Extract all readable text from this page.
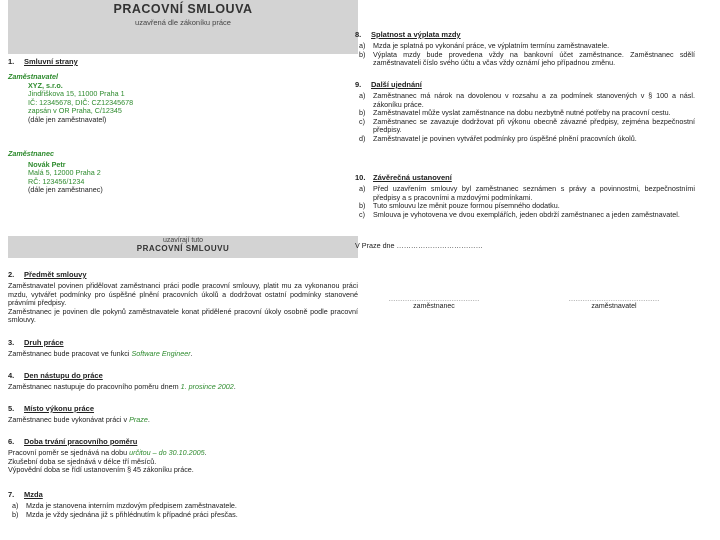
PRACOVNÍ SMLOUVA
uzavřená dle zákoníku práce

1. Smluvní strany

Zaměstnavatel

XYZ, s.r.o.

Jindřiškova 15, 11000 Praha 1

IČ: 12345678, DIČ: CZ12345678

zapsán v OR Praha, C/12345

(dále jen zaměstnavatel)

Zaměstnanec

Novák Petr

Malá 5, 12000 Praha 2

RČ: 123456/1234

(dále jen zaměstnanec)

uzavírají tuto
PRACOVNÍ SMLOUVU

2. Předmět smlouvy

Zaměstnavatel povinen přidělovat zaměstnanci práci podle pracovní smlouvy, platit mu za vykonanou práci mzdu, vytvářet podmínky pro úspěšné plnění pracovních úkolů a dodržovat ostatní podmínky stanovené právními předpisy.

Zaměstnanec je povinen dle pokynů zaměstnavatele konat přidělené pracovní úkoly osobně podle pracovní smlouvy.

3. Druh práce

Zaměstnanec bude pracovat ve funkci Software Engineer.

4. Den nástupu do práce

Zaměstnanec nastupuje do pracovního poměru dnem 1. prosince 2002.

5. Místo výkonu práce

Zaměstnanec bude vykonávat práci v Praze.

6. Doba trvání pracovního poměru

Pracovní poměr se sjednává na dobu určitou – do 30.10.2005.

Zkušební doba se sjednává v délce tří měsíců.

Výpovědní doba se řídí ustanovením § 45 zákoníku práce.

7. Mzda

a)	Mzda je stanovena interním mzdovým předpisem zaměstnavatele.
b)	Mzda je vždy sjednána již s přihlédnutím k případné práci přesčas.

8. Splatnost a výplata mzdy

a)	Mzda je splatná po vykonání práce, ve výplatním termínu zaměstnavatele.
b)	Výplata mzdy bude provedena vždy na bankovní účet zaměstnance. Zaměstnanec sdělí zaměstnavateli číslo svého účtu a včas vždy oznámí jeho případnou změnu.

9. Další ujednání

a)	Zaměstnanec má nárok na dovolenou v rozsahu a za podmínek stanovených v § 100 a násl. zákoníku práce.
b)	Zaměstnavatel může vyslat zaměstnance na dobu nezbytně nutné potřeby na pracovní cestu.
c)	Zaměstnanec se zavazuje dodržovat při výkonu obecně závazné předpisy, zejména bezpečnostní předpisy.
d)	Zaměstnavatel je povinen vytvářet podmínky pro úspěšné plnění pracovních úkolů.

10. Závěrečná ustanovení

a)	Před uzavřením smlouvy byl zaměstnanec seznámen s právy a povinnostmi, bezpečnostními předpisy a s pracovními a mzdovými podmínkami.
b)	Tuto smlouvu lze měnit pouze formou písemného dodatku.
c)	Smlouva je vyhotovena ve dvou exemplářích, jeden obdrží zaměstnanec a jeden zaměstnavatel.

V Praze dne ………………………………

…………………………………
zaměstnanec
…………………………………
zaměstnavatel
